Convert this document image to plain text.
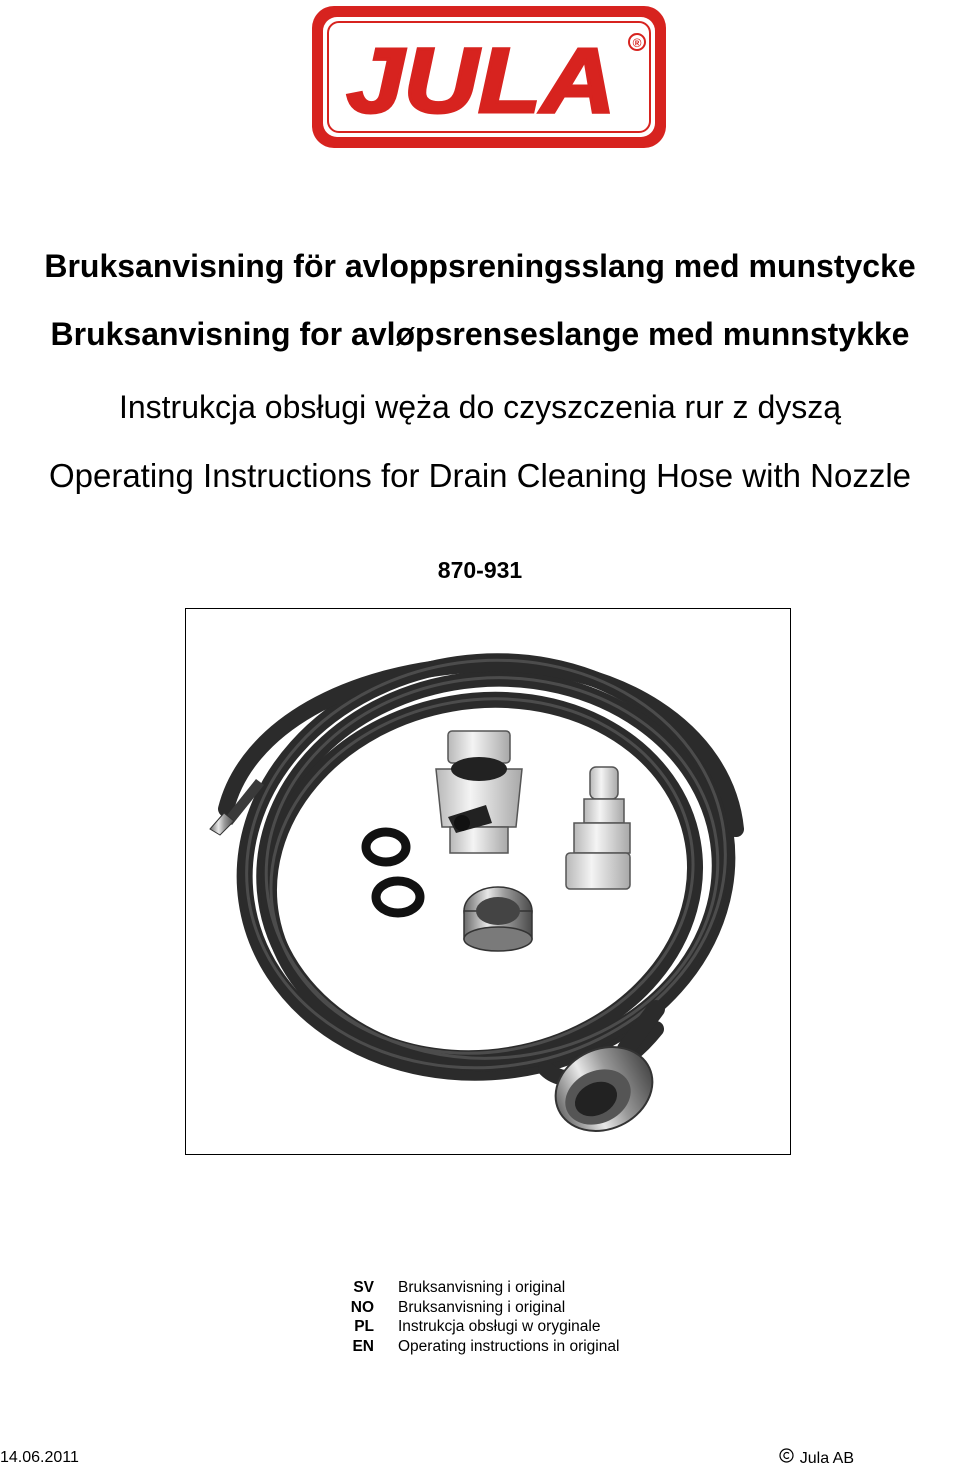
JULA ®
Bruksanvisning för avloppsreningsslang med munstycke
Bruksanvisning for avløpsrenseslange med munnstykke
Instrukcja obsługi węża do czyszczenia rur z dyszą
Operating Instructions for Drain Cleaning Hose with Nozzle
870-931
SV Bruksanvisning i original
NO Bruksanvisning i original
PL Instrukcja obsługi w oryginale
EN Operating instructions in original
14.06.2011	Jula AB
